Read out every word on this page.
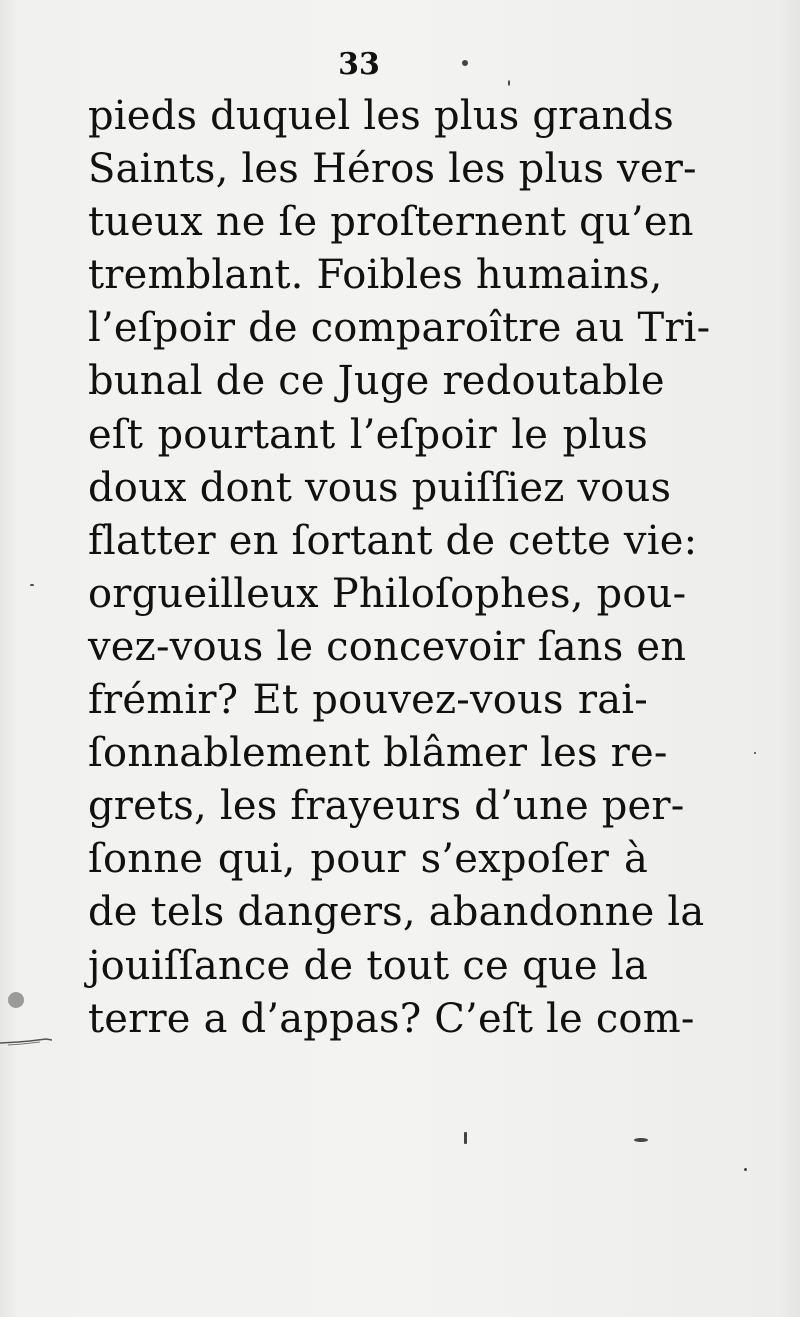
33
pieds duquel les plus grands
Saints, les Héros les plus ver-
tueux ne ſe proſternent qu’en
tremblant. Foibles humains,
l’eſpoir de comparoître au Tri-
bunal de ce Juge redoutable
eſt pourtant l’eſpoir le plus
doux dont vous puiſſiez vous
flatter en ſortant de cette vie:
orgueilleux Philoſophes, pou-
vez-vous le concevoir ſans en
frémir? Et pouvez-vous rai-
ſonnablement blâmer les re-
grets, les frayeurs d’une per-
ſonne qui, pour s’expoſer à
de tels dangers, abandonne la
jouiſſance de tout ce que la
terre a d’appas? C’eſt le com-
